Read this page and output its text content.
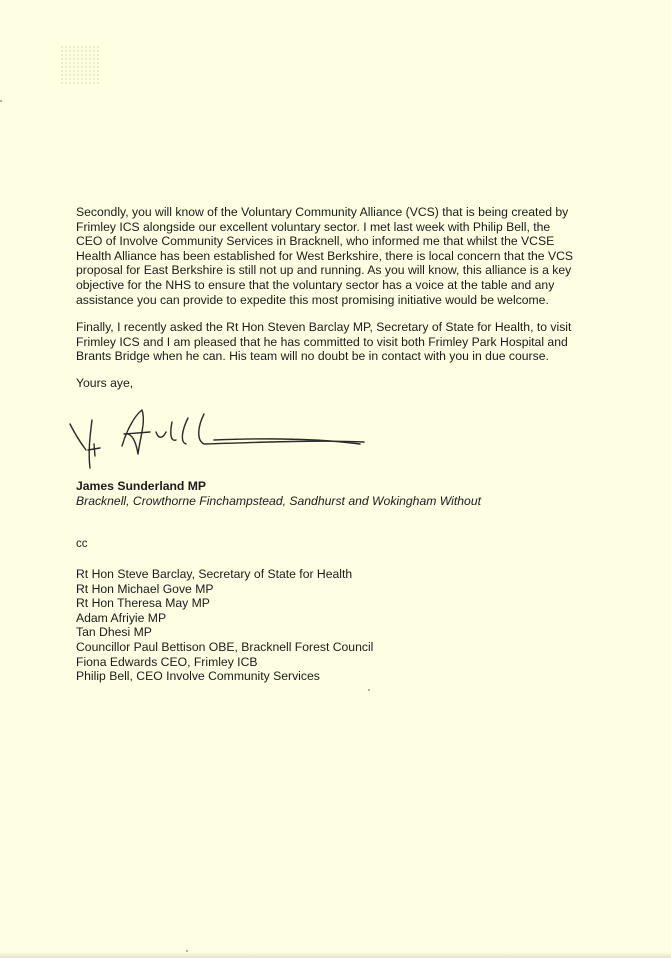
Secondly, you will know of the Voluntary Community Alliance (VCS) that is being created by
Frimley ICS alongside our excellent voluntary sector. I met last week with Philip Bell, the
CEO of Involve Community Services in Bracknell, who informed me that whilst the VCSE
Health Alliance has been established for West Berkshire, there is local concern that the VCS
proposal for East Berkshire is still not up and running. As you will know, this alliance is a key
objective for the NHS to ensure that the voluntary sector has a voice at the table and any
assistance you can provide to expedite this most promising initiative would be welcome.

Finally, I recently asked the Rt Hon Steven Barclay MP, Secretary of State for Health, to visit
Frimley ICS and I am pleased that he has committed to visit both Frimley Park Hospital and
Brants Bridge when he can. His team will no doubt be in contact with you in due course.

Yours aye,
James Sunderland MP
Bracknell, Crowthorne Finchampstead, Sandhurst and Wokingham Without
cc
Rt Hon Steve Barclay, Secretary of State for Health
Rt Hon Michael Gove MP
Rt Hon Theresa May MP
Adam Afriyie MP
Tan Dhesi MP
Councillor Paul Bettison OBE, Bracknell Forest Council
Fiona Edwards CEO, Frimley ICB
Philip Bell, CEO Involve Community Services
